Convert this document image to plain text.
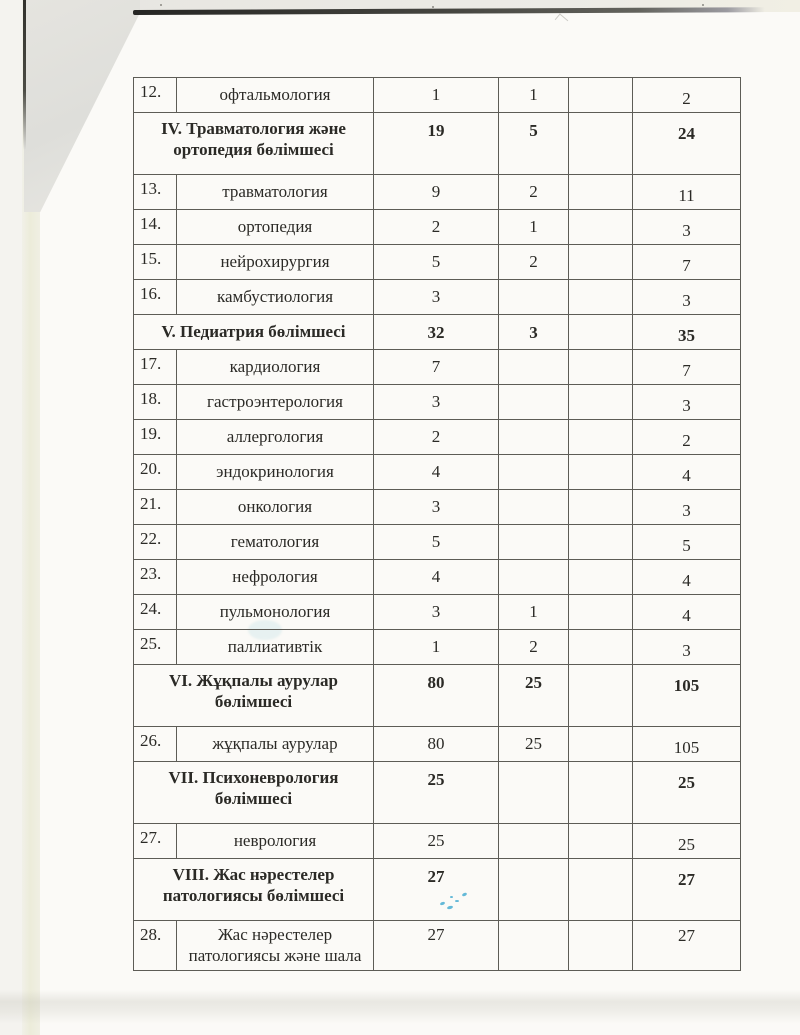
12.	офтальмология	1	1		2
IV. Травматология және ортопедия бөлімшесі		19	5		24
13.	травматология	9	2		11
14.	ортопедия	2	1		3
15.	нейрохирургия	5	2		7
16.	камбустиология	3			3
V. Педиатрия бөлімшесі		32	3		35
17.	кардиология	7			7
18.	гастроэнтерология	3			3
19.	аллергология	2			2
20.	эндокринология	4			4
21.	онкология	3			3
22.	гематология	5			5
23.	нефрология	4			4
24.	пульмонология	3	1		4
25.	паллиативтік	1	2		3
VI. Жұқпалы аурулар бөлімшесі		80	25		105
26.	жұқпалы аурулар	80	25		105
VII. Психоневрология бөлімшесі		25			25
27.	неврология	25			25
VIII. Жас нәрестелер патологиясы бөлімшесі		27			27
28.	Жас нәрестелер патологиясы және шала	27			27
